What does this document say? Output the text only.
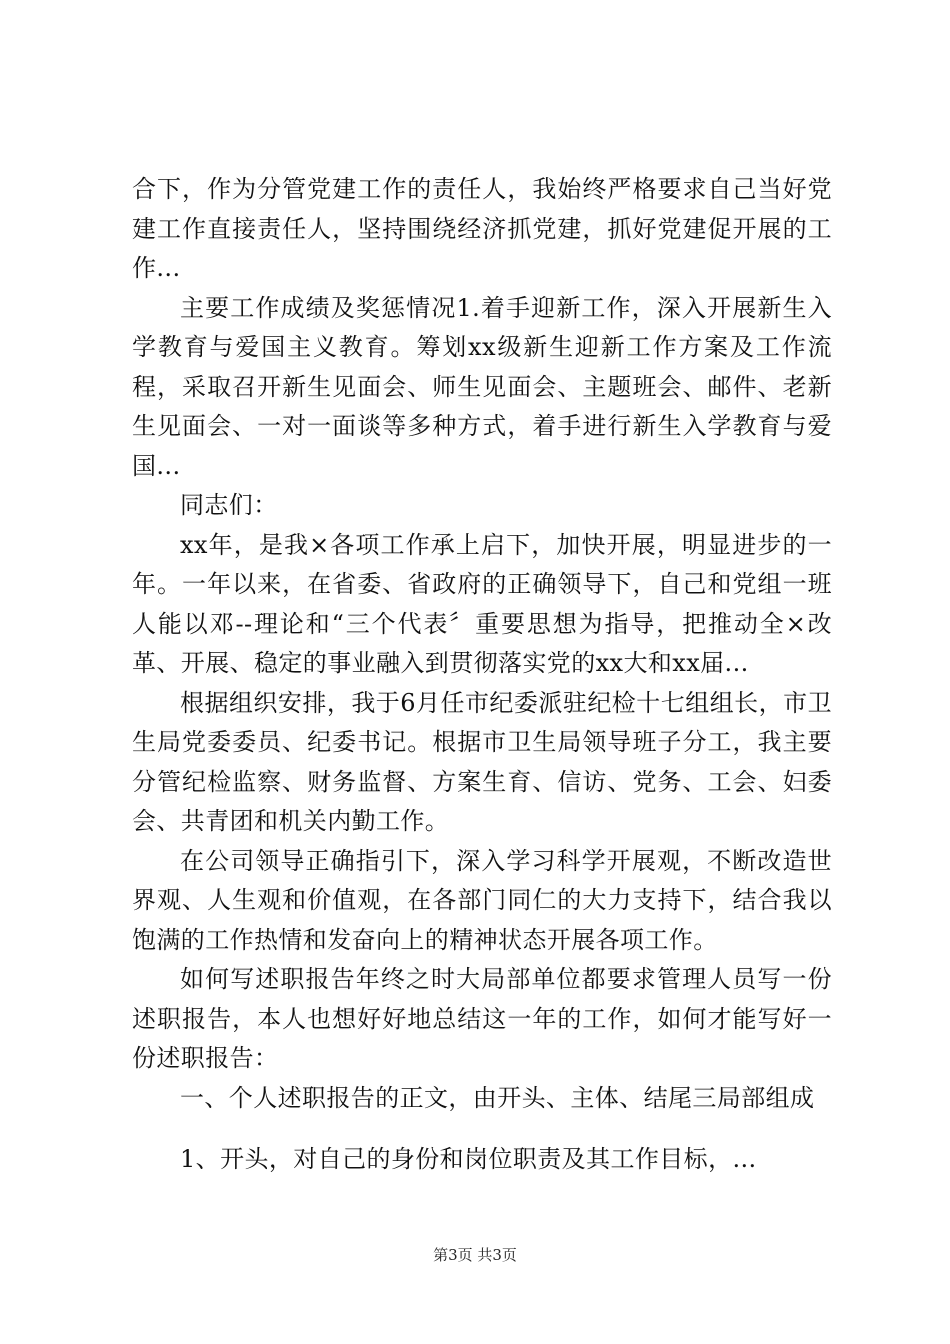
合下，作为分管党建工作的责任人，我始终严格要求自己当好党建工作直接责任人，坚持围绕经济抓党建，抓好党建促开展的工作...

主要工作成绩及奖惩情况1.着手迎新工作，深入开展新生入学教育与爱国主义教育。筹划xx级新生迎新工作方案及工作流程，采取召开新生见面会、师生见面会、主题班会、邮件、老新生见面会、一对一面谈等多种方式，着手进行新生入学教育与爱国...

同志们：

xx年，是我×各项工作承上启下，加快开展，明显进步的一年。一年以来，在省委、省政府的正确领导下，自己和党组一班人能以邓--理论和“三个代表〞重要思想为指导，把推动全×改革、开展、稳定的事业融入到贯彻落实党的xx大和xx届...

根据组织安排，我于6月任市纪委派驻纪检十七组组长，市卫生局党委委员、纪委书记。根据市卫生局领导班子分工，我主要分管纪检监察、财务监督、方案生育、信访、党务、工会、妇委会、共青团和机关内勤工作。

在公司领导正确指引下，深入学习科学开展观，不断改造世界观、人生观和价值观，在各部门同仁的大力支持下，结合我以饱满的工作热情和发奋向上的精神状态开展各项工作。

如何写述职报告年终之时大局部单位都要求管理人员写一份述职报告，本人也想好好地总结这一年的工作，如何才能写好一份述职报告：

一、个人述职报告的正文，由开头、主体、结尾三局部组成

1、开头，对自己的身份和岗位职责及其工作目标，...

第3页 共3页
